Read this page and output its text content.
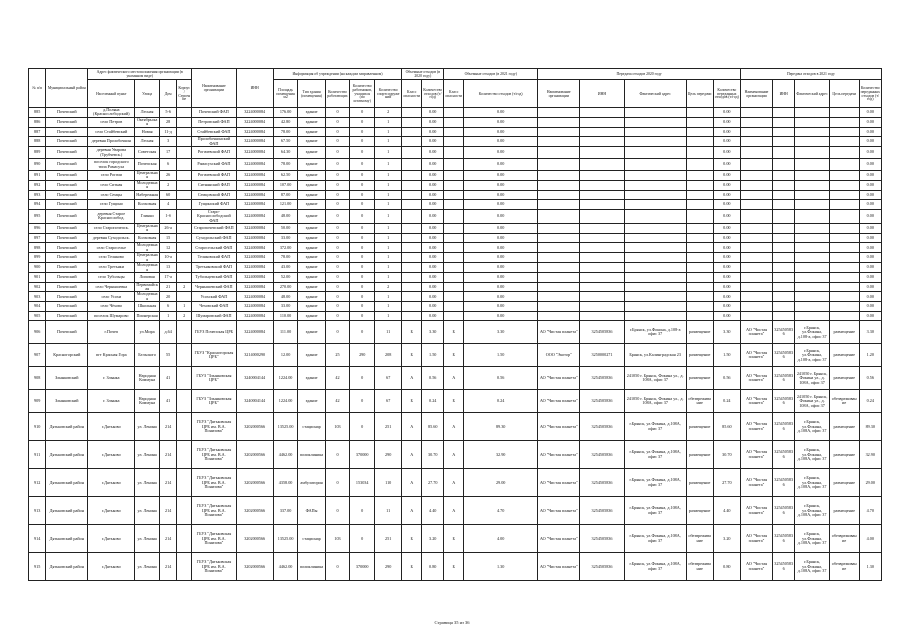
№ п/п	Муниципальный район	Адрес фактического местоположения организации (в указанном виде)				Наименование организации	ИНН	Информация об учреждении (на каждом заправленном)					Объемные отходов (в 2020 году)		Объемные отходов (в 2021 году)		Передача отходов 2020 году					Передача отходов в 2021 году				
		Населенный пункт	Улица	Дом	Корпус/Строение			Площадь помещения м2	Тип здания (помещения)	Количество работающих	Количество работников, учащихся (по штатному)	Количество спортсооружений	Класс опасности	Количество отходов (т/год)	Класс опасности	Количество отходов (т/год)	Наименование организации	ИНН	Фактический адрес	Цель передачи	Количество переданных отходов (т/год)	Наименование организации	ИНН	Фактический адрес	Цель передачи	Количество переданных отходов (т/год)
885	Почепский	д.Поляна (Краснослободский)	Лесная	5-6		Почепский ФАП	3224000084	176.00	здание	0	0	2		0.00		0.00					0.00					0.00
886	Почепский	село Петров	Октябрьская	28		Петровский ФАП	3224000084	42.80	здание	0	0	1		0.00		0.00					0.00					0.00
887	Почепский	село Стайбевский	Новая	11-д		Стайбевский ФАП	3224000084	78.00	здание	0	0	1		0.00		0.00					0.00					0.00
888	Почепский	деревня Пролобочкин	Лесная	3		Пролобочкинский ФАП	3224000084	67.50	здание	0	0	1		0.00		0.00					0.00					0.00
889	Почепский	деревня Уварова (Трубчевск.)	Советская	17		Рогачевский ФАП	3224000084	64.30	здание	0	0	1		0.00		0.00					0.00					0.00
890	Почепский	поселок городского типа Рамасуха	Почепская	6		Рамасухский ФАП	3224000084	78.00	здание	0	0	1		0.00		0.00					0.00					0.00
891	Почепский	село Рогачи	Центральная	26		Рогачевский ФАП	3224000084	62.50	здание	0	0	1		0.00		0.00					0.00					0.00
892	Почепский	село Ситная	Молодежная	2		Ситнянский ФАП	3224000084	107.00	здание	0	0	1		0.00		0.00					0.00					0.00
893	Почепский	село Семцы	Набережная	60		Семцовский ФАП	3224000084	87.00	здание	0	0	1		0.00		0.00					0.00					0.00
894	Почепский	село Гущино	Колхозная	4		Гущинский ФАП	3224000084	121.00	здание	0	0	1		0.00		0.00					0.00					0.00
895	Почепский	деревня Старое Краснослобод.	Глинки	1-б		Старо-Краснослободский ФАП	3224000084	48.00	здание	0	0	1		0.00		0.00					0.00					0.00
896	Почепский	село Старопочепск.	Центральная	26-а		Старопочепский ФАП	3224000084	50.00	здание	0	0	1		0.00		0.00					0.00					0.00
897	Почепский	деревня Суходольск.	Колхозная	15		Суходольский ФАП	3224000084	33.00	здание	0	0	1		0.00		0.00					0.00					0.00
898	Почепский	село Староселье	Молодежная	12		Старосельский ФАП	3224000084	372.00	здание	0	0	1		0.00		0.00					0.00					0.00
899	Почепский	село Теляково	Центральная	10-а		Теляковский ФАП	3224000084	78.00	здание	0	0	1		0.00		0.00					0.00					0.00
900	Почепский	село Третьяки	Молодежная	13		Третьяковский ФАП	3224000084	43.00	здание	0	0	1		0.00		0.00					0.00					0.00
901	Почепский	село Тубольцы	Липовая	17-а		Тубольцевский ФАП	3224000084	52.00	здание	0	0	1		0.00		0.00					0.00					0.00
902	Почепский	село Чернышевка	Первомайская	21	2	Чернышевский ФАП	3224000084	270.00	здание	0	0	2		0.00		0.00					0.00					0.00
903	Почепский	село Усохи	Молодежная	20		Усохский ФАП	3224000084	48.00	здание	0	0	1		0.00		0.00					0.00					0.00
904	Почепский	село Чёхово	Школьная	6	1	Чеховский ФАП	3224000084	33.00	здание	0	0	1		0.00		0.00					0.00					0.00
905	Почепский	поселок Шумарово	Пионерская	1	2	Шумаровский ФАП	3224000084	110.00	здание	0	0	1		0.00		0.00					0.00					0.00
906	Почепский	г.Почеп	ул.Мира	д.64		ГБУЗ Почепская ЦРБ	3224000084	111.00	здание	0	0	11	Б	3.30	Б	3.30	АО "Чистая планета"	3254505836	г.Брянск, ул.Фокина, д.108-а офис 37	размещение	3.30	АО "Чистая планета"	3254505836	г.Брянск, ул.Фокина, д.108-а, офис 37	размещение	3.30
907	Красногорский	пгт Красная Гора	Бельского	55		ГБУЗ "Красногорская ЦРБ"	3214000290	12.00	здание	25	290	208	Б	1.50	Б	1.50	ООО "Экотор"	3250000271	Брянск, ул.Калинградская 23	размещение	1.50	АО "Чистая планета"	3254505836	г.Брянск, ул.Фокина, д.108-а, офис 37	размещение	1.20
908	Злынковский	г. Злынка	Народная Коммуна	41		ГБУЗ "Злынковская ЦРБ"	3240004144	1224.00	здание	42	0	67	А	0.56	А	0.56	АО "Чистая планета"	3254505836	241050 г. Брянск, Фокина ул., д. 108А, офис 37	размещение	0.56	АО "Чистая планета"	3254505836	241050 г. Брянск, Фокина ул., д. 108А, офис 37	размещение	0.56
909	Злынковский	г. Злынка	Народная Коммуна	41		ГБУЗ "Злынковская ЦРБ"	3240004144	1224.00	здание	42	0	67	Б	0.24	Б	0.24	АО "Чистая планета"	3254505836	241050 г. Брянск, Фокина ул., д. 108А, офис 37	обезвреживание	0.24	АО "Чистая планета"	3254505836	241050 г. Брянск, Фокина ул., д. 108А, офис 37	обезвреживание	0.24
910	Дятьковский район	г.Дятьково	ул. Ленина	214		ГБУЗ "Дятьковская ЦРБ им. В.А. Понизова"	3202000566	13525.00	стационар	103	0	251	А	85.60	А	89.30	АО "Чистая планета"	3254505836	г.Брянск, ул.Фокина, д.108А, офис 37	размещение	85.60	АО "Чистая планета"	3254505836	г.Брянск, ул.Фокина, д.108А, офис 37	размещение	89.30
911	Дятьковский район	г.Дятьково	ул. Ленина	214		ГБУЗ "Дятьковская ЦРБ им. В.А. Понизова"	3202000566	4462.00	поликлиника	0	370000	290	А	30.70	А	32.90	АО "Чистая планета"	3254505836	г.Брянск, ул.Фокина, д.108А, офис 37	размещение	30.70	АО "Чистая планета"	3254505836	г.Брянск, ул.Фокина, д.108А, офис 37	размещение	32.90
912	Дятьковский район	г.Дятьково	ул. Ленина	214		ГБУЗ "Дятьковская ЦРБ им. В.А. Понизова"	3202000566	4358.00	амбулатория	0	153034	110	А	27.70	А	29.00	АО "Чистая планета"	3254505836	г.Брянск, ул.Фокина, д.108А, офис 37	размещение	27.70	АО "Чистая планета"	3254505836	г.Брянск, ул.Фокина, д.108А, офис 37	размещение	29.00
913	Дятьковский район	г.Дятьково	ул. Ленина	214		ГБУЗ "Дятьковская ЦРБ им. В.А. Понизова"	3202000566	337.00	ФАПы	0	0	11	А	4.40	А	4.70	АО "Чистая планета"	3254505836	г.Брянск, ул.Фокина, д.108А, офис 37	размещение	4.40	АО "Чистая планета"	3254505836	г.Брянск, ул.Фокина, д.108А, офис 37	размещение	4.70
914	Дятьковский район	г.Дятьково	ул. Ленина	214		ГБУЗ "Дятьковская ЦРБ им. В.А. Понизова"	3202000566	13525.00	стационар	103	0	251	Б	3.20	Б	4.00	АО "Чистая планета"	3254505836	г.Брянск, ул.Фокина, д.108А, офис 37	обезвреживание	3.20	АО "Чистая планета"	3254505836	г.Брянск, ул.Фокина, д.108А, офис 37	обезвреживание	4.00
915	Дятьковский район	г.Дятьково	ул. Ленина	214		ГБУЗ "Дятьковская ЦРБ им. В.А. Понизова"	3202000566	4462.00	поликлиника	0	370000	290	Б	0.80	Б	1.30	АО "Чистая планета"	3254505836	г.Брянск, ул.Фокина, д.108А, офис 37	обезвреживание	0.80	АО "Чистая планета"	3254505836	г.Брянск, ул.Фокина, д.108А, офис 37	обезвреживание	1.30
Страница 35 из 36
